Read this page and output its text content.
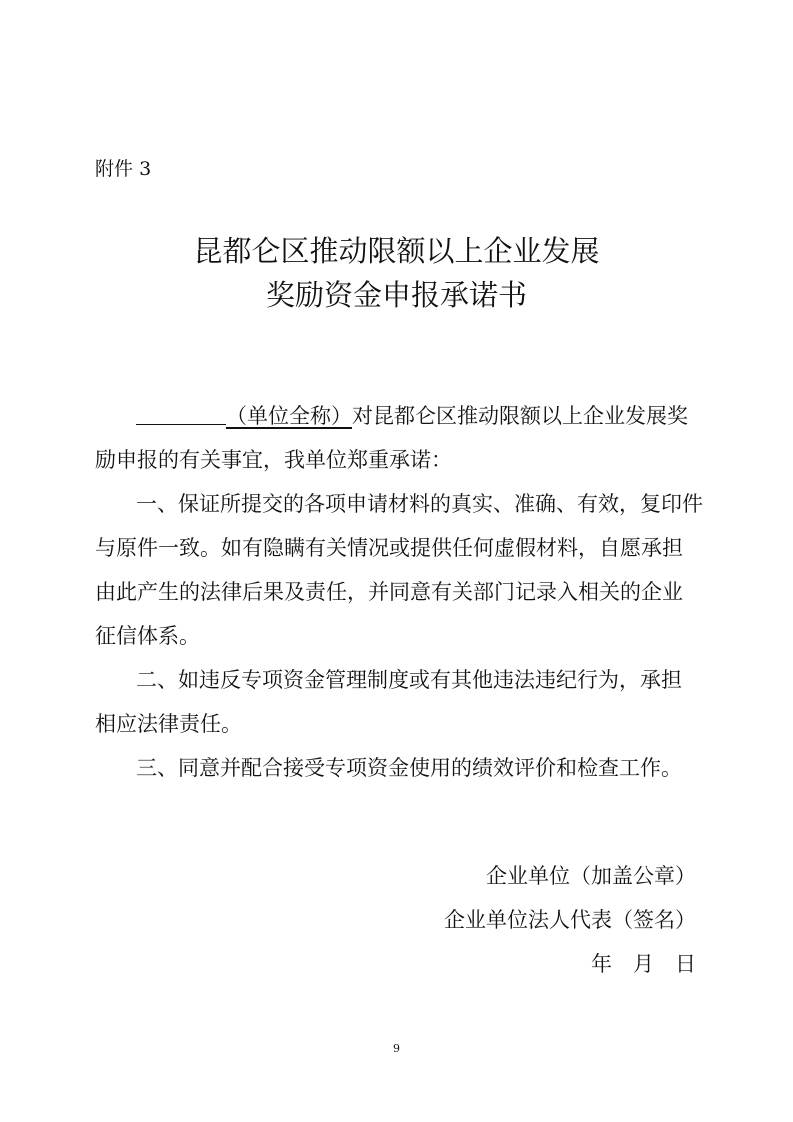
附件 3
昆都仑区推动限额以上企业发展
奖励资金申报承诺书
（单位全称）对昆都仑区推动限额以上企业发展奖
励申报的有关事宜，我单位郑重承诺：
一、保证所提交的各项申请材料的真实、准确、有效，复印件
与原件一致。如有隐瞒有关情况或提供任何虚假材料，自愿承担
由此产生的法律后果及责任，并同意有关部门记录入相关的企业
征信体系。
二、如违反专项资金管理制度或有其他违法违纪行为，承担
相应法律责任。
三、同意并配合接受专项资金使用的绩效评价和检查工作。
企业单位（加盖公章）
企业单位法人代表（签名）
年　月　日
9
